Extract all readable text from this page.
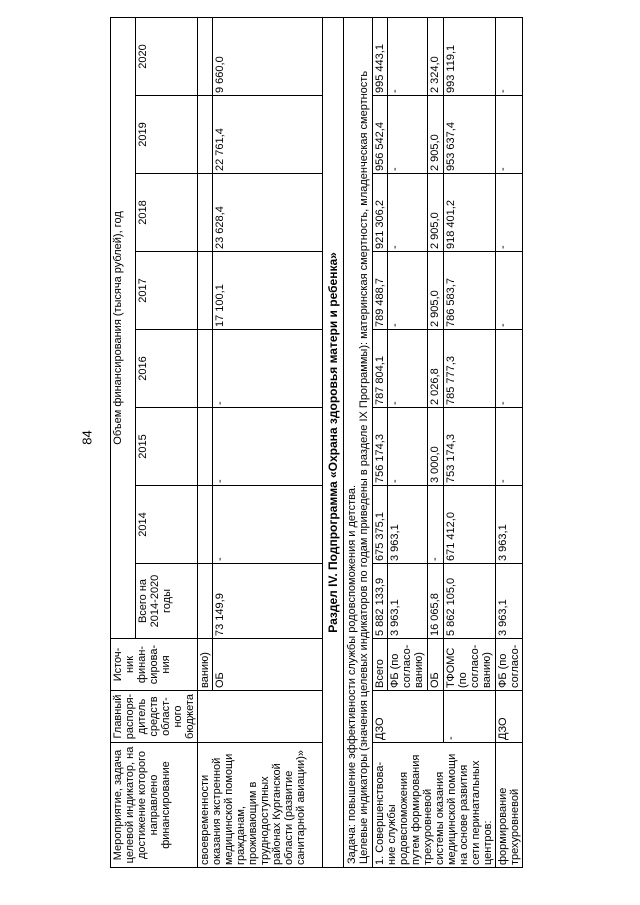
84
Мероприятие, задача целевой индикатор, на достижение которого направлено финансирование	Главный распоря-дитель средств област-ного бюджета	Источ-ник финан-сирова-ния	Объем финансирования (тысяча рублей), год							
			Всего на 2014-2020 годы	2014	2015	2016	2017	2018	2019	2020
своевременности оказания экстренной медицинской помощи гражданам, проживающим в труднодоступных районах Курганской области (развитие санитарной авиации)»		ванию)								
		ОБ	73 149,9	-	-	-	17 100,1	23 628,4	22 761,4	9 660,0
Раздел IV. Подпрограмма «Охрана здоровья матери и ребенка»										

Задача: повышение эффективности службы родовспоможения и детства. Целевые индикаторы (значения целевых индикаторов по годам приведены в разделе IX Программы): материнская смертность, младенческая смертность										

1. Совершенствова-ние службы родовспоможения путем формирования трехуровневой системы оказания медицинской помощи на основе развития сети перинатальных центров:	ДЗО	Всего	5 882 133,9	675 375,1	756 174,3	787 804,1	789 488,7	921 306,2	956 542,4	995 443,1
		ФБ (по согласо-ванию)	3 963,1	3 963,1	-	-	-	-	-	-
		ОБ	16 065,8	-	3 000,0	2 026,8	2 905,0	2 905,0	2 905,0	2 324,0
	-	ТФОМС (по согласо-ванию)	5 862 105,0	671 412,0	753 174,3	785 777,3	786 583,7	918 401,2	953 637,4	993 119,1
формирование трехуровневой	ДЗО	ФБ (по согласо-	3 963,1	3 963,1	-	-	-	-	-	-
